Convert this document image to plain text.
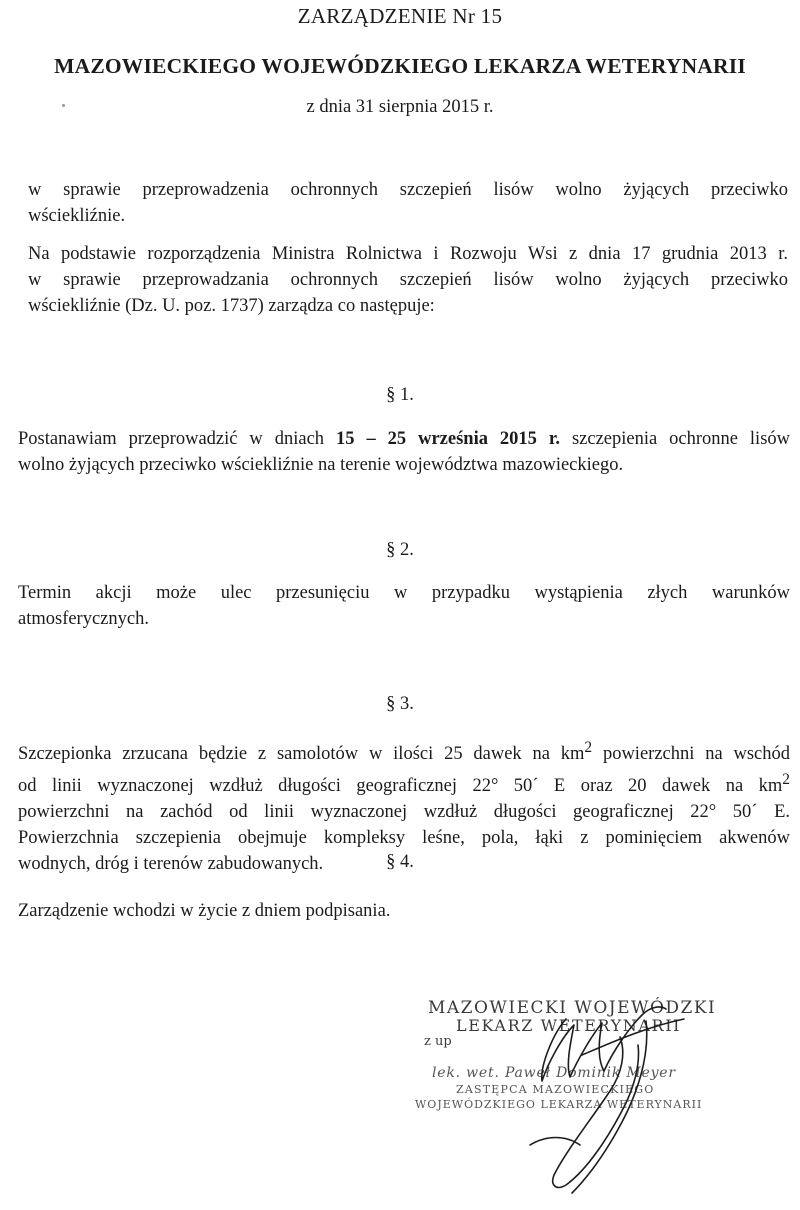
ZARZĄDZENIE Nr 15
MAZOWIECKIEGO WOJEWÓDZKIEGO LEKARZA WETERYNARII
z dnia 31 sierpnia 2015 r.
w sprawie przeprowadzenia ochronnych szczepień lisów wolno żyjących przeciwko
wściekliźnie.
Na podstawie rozporządzenia Ministra Rolnictwa i Rozwoju Wsi z dnia 17 grudnia 2013 r.
w sprawie przeprowadzania ochronnych szczepień lisów wolno żyjących przeciwko
wściekliźnie (Dz. U. poz. 1737) zarządza co następuje:
§ 1.
Postanawiam przeprowadzić w dniach 15 – 25 września 2015 r. szczepienia ochronne lisów
wolno żyjących przeciwko wściekliźnie na terenie województwa mazowieckiego.
§ 2.
Termin akcji może ulec przesunięciu w przypadku wystąpienia złych warunków
atmosferycznych.
§ 3.
Szczepionka zrzucana będzie z samolotów w ilości 25 dawek na $km^2$ powierzchni na wschód
od linii wyznaczonej wzdłuż długości geograficznej 22° 50´ E oraz 20 dawek na $km^2$
powierzchni na zachód od linii wyznaczonej wzdłuż długości geograficznej 22° 50´ E.
Powierzchnia szczepienia obejmuje kompleksy leśne, pola, łąki z pominięciem akwenów
wodnych, dróg i terenów zabudowanych.	§ 4.
Zarządzenie wchodzi w życie z dniem podpisania.
MAZOWIECKI WOJEWÓDZKI
LEKARZ WETERYNARII
z up
lek. wet. Paweł Dominik Meyer
ZASTĘPCA MAZOWIECKIEGO
WOJEWÓDZKIEGO LEKARZA WETERYNARII
